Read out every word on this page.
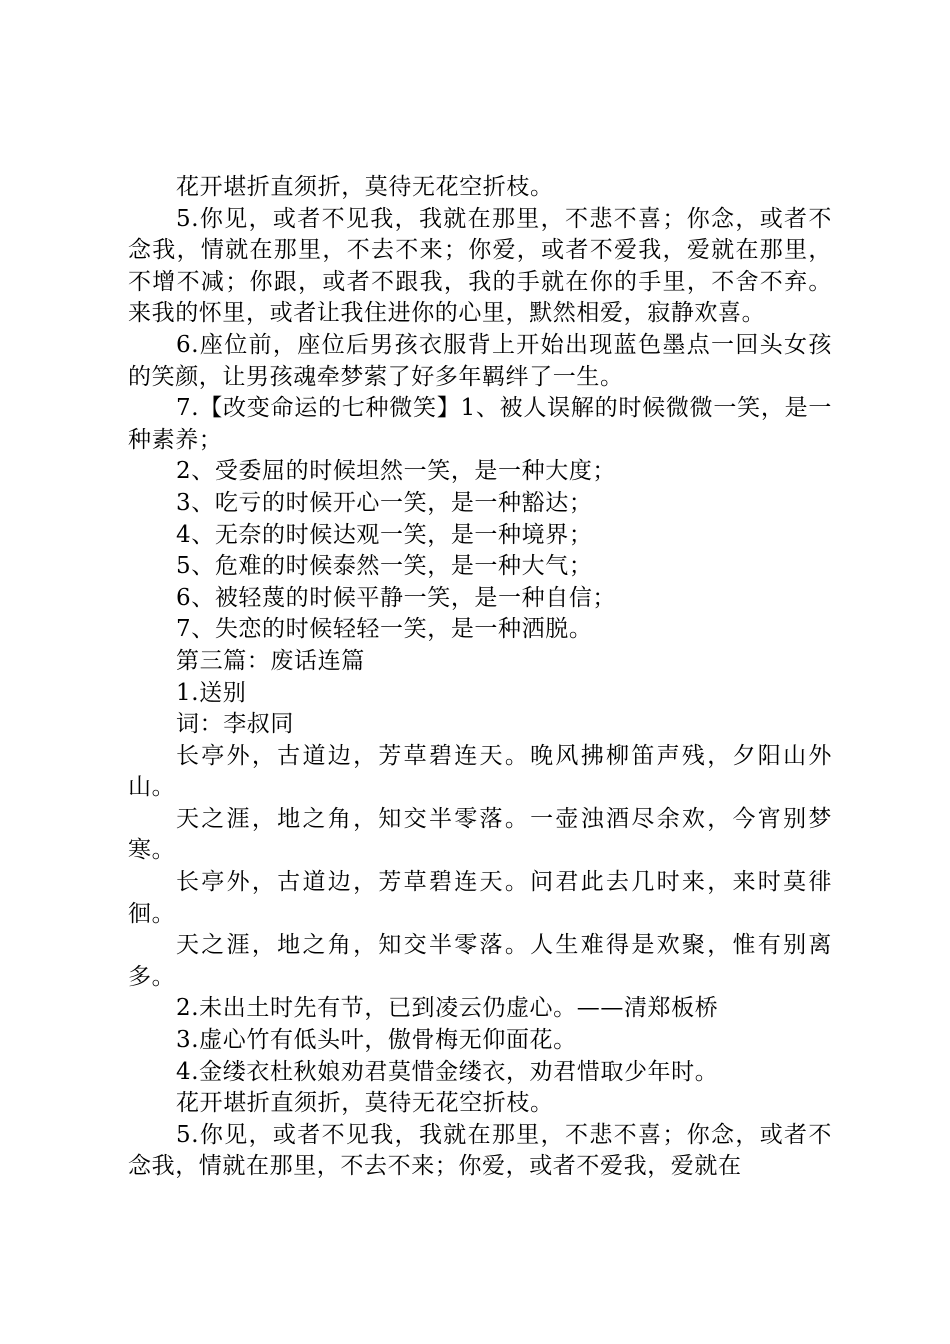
花开堪折直须折，莫待无花空折枝。

5.你见，或者不见我，我就在那里，不悲不喜；你念，或者不念我，情就在那里，不去不来；你爱，或者不爱我，爱就在那里，不增不减；你跟，或者不跟我，我的手就在你的手里，不舍不弃。来我的怀里，或者让我住进你的心里，默然相爱，寂静欢喜。

6.座位前，座位后男孩衣服背上开始出现蓝色墨点一回头女孩的笑颜，让男孩魂牵梦萦了好多年羁绊了一生。

7.【改变命运的七种微笑】1、被人误解的时候微微一笑，是一种素养；

2、受委屈的时候坦然一笑，是一种大度；

3、吃亏的时候开心一笑，是一种豁达；

4、无奈的时候达观一笑，是一种境界；

5、危难的时候泰然一笑，是一种大气；

6、被轻蔑的时候平静一笑，是一种自信；

7、失恋的时候轻轻一笑，是一种洒脱。

第三篇：废话连篇

1.送别

词：李叔同

长亭外，古道边，芳草碧连天。晚风拂柳笛声残，夕阳山外山。

天之涯，地之角，知交半零落。一壶浊酒尽余欢，今宵别梦寒。

长亭外，古道边，芳草碧连天。问君此去几时来，来时莫徘徊。

天之涯，地之角，知交半零落。人生难得是欢聚，惟有别离多。

2.未出土时先有节，已到凌云仍虚心。——清郑板桥

3.虚心竹有低头叶，傲骨梅无仰面花。

4.金缕衣杜秋娘劝君莫惜金缕衣，劝君惜取少年时。

花开堪折直须折，莫待无花空折枝。

5.你见，或者不见我，我就在那里，不悲不喜；你念，或者不念我，情就在那里，不去不来；你爱，或者不爱我，爱就在
